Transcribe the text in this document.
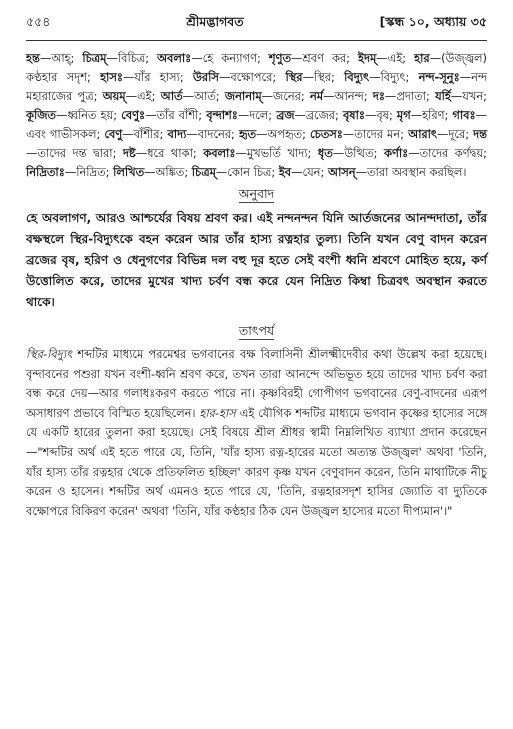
৫৫৪	শ্রীমদ্ভাগবত	[স্কন্ধ ১০, অধ্যায় ৩৫
হন্ত—আহ্; চিত্রম্—বিচিত্র; অবলাঃ—হে কন্যাগণ; শৃণুত—শ্রবণ কর; ইদম্—এই; হার—(উজ্জ্বল) কণ্ঠহার সদৃশ; হাসঃ—যাঁর হাস্য; উরসি—বক্ষোপরে; স্থির—স্থির; বিদ্যুৎ—বিদ্যুৎ; নন্দ-সূনুঃ—নন্দ মহারাজের পুত্র; অয়ম্—এই; আর্ত—আর্ত; জনানাম্—জনের; নর্ম—আনন্দ; দঃ—প্রদাতা; যর্হি—যখন; কূজিত—ধ্বনিত হয়; বেণুঃ—তাঁর বাঁশী; বৃন্দাশঃ—দলে; ব্রজ—ব্রজের; বৃষাঃ—বৃষ; মৃগ—হরিণ; গাবঃ—এবং গাভীসকল; বেণু—বাঁশীর; বাদ্য—বাদনের; হৃত—অপহৃত; চেতসঃ—তাদের মন; আরাৎ—দূরে; দন্ত—তাদের দন্ত দ্বারা; দষ্ট—ধরে থাকা; কবলাঃ—মুখভর্তি খাদ্য; ধৃত—উত্থিত; কর্ণাঃ—তাদের কর্ণদ্বয়; নিদ্রিতাঃ—নিদ্রিত; লিখিত—অঙ্কিত; চিত্রম্—কোন চিত্র; ইব—যেন; আসন্—তারা অবস্থান করছিল।
অনুবাদ
হে অবলাগণ, আরও আশ্চর্যের বিষয় শ্রবণ কর। এই নন্দনন্দন যিনি আর্তজনের আনন্দদাতা, তাঁর বক্ষস্থলে স্থির-বিদ্যুৎকে বহন করেন আর তাঁর হাস্য রত্নহার তুল্য। তিনি যখন বেণু বাদন করেন ব্রজের বৃষ, হরিণ ও ধেনুগণের বিভিন্ন দল বহু দূর হতে সেই বংশী ধ্বনি শ্রবণে মোহিত হয়ে, কর্ণ উত্তোলিত করে, তাদের মুখের খাদ্য চর্বণ বন্ধ করে যেন নিদ্রিত কিম্বা চিত্রবৎ অবস্থান করতে থাকে।
তাৎপর্য
স্থির-বিদ্যুৎ শব্দটির মাধ্যমে পরমেশ্বর ভগবানের বক্ষ বিলাসিনী শ্রীলক্ষ্মীদেবীর কথা উল্লেখ করা হয়েছে। বৃন্দাবনের পশুরা যখন বংশী-ধ্বনি শ্রবণ করে, তখন তারা আনন্দে অভিভূত হয়ে তাদের খাদ্য চর্বণ করা বন্ধ করে দেয়—আর গলাধঃকরণ করতে পারে না। কৃষ্ণবিরহী গোপীগণ ভগবানের বেণু-বাদনের এরূপ অসাধারণ প্রভাবে বিস্মিত হয়েছিলেন। হার-হাস এই যৌগিক শব্দটির মাধ্যমে ভগবান কৃষ্ণের হাস্যের সঙ্গে যে একটি হারের তুলনা করা হয়েছে। সেই বিষয়ে শ্রীল শ্রীধর স্বামী নিম্নলিখিত ব্যাখ্যা প্রদান করেছেন—"শব্দটির অর্থ এই হতে পারে যে, তিনি, 'যাঁর হাস্য রত্ন-হারের মতো অত্যন্ত উজ্জ্বল' অথবা 'তিনি, যাঁর হাস্য তাঁর রত্নহার থেকে প্রতিফলিত হচ্ছিল' কারণ কৃষ্ণ যখন বেণুবাদন করেন, তিনি মাথাটিকে নীচু করেন ও হাসেন। শব্দটির অর্থ এমনও হতে পারে যে, 'তিনি, রত্নহারসদৃশ হাসির জ্যোতি বা দ্যুতিকে বক্ষোপরে বিকিরণ করেন' অথবা 'তিনি, যাঁর কণ্ঠহার ঠিক যেন উজ্জ্বল হাস্যের মতো দীপ্যমান'।"
